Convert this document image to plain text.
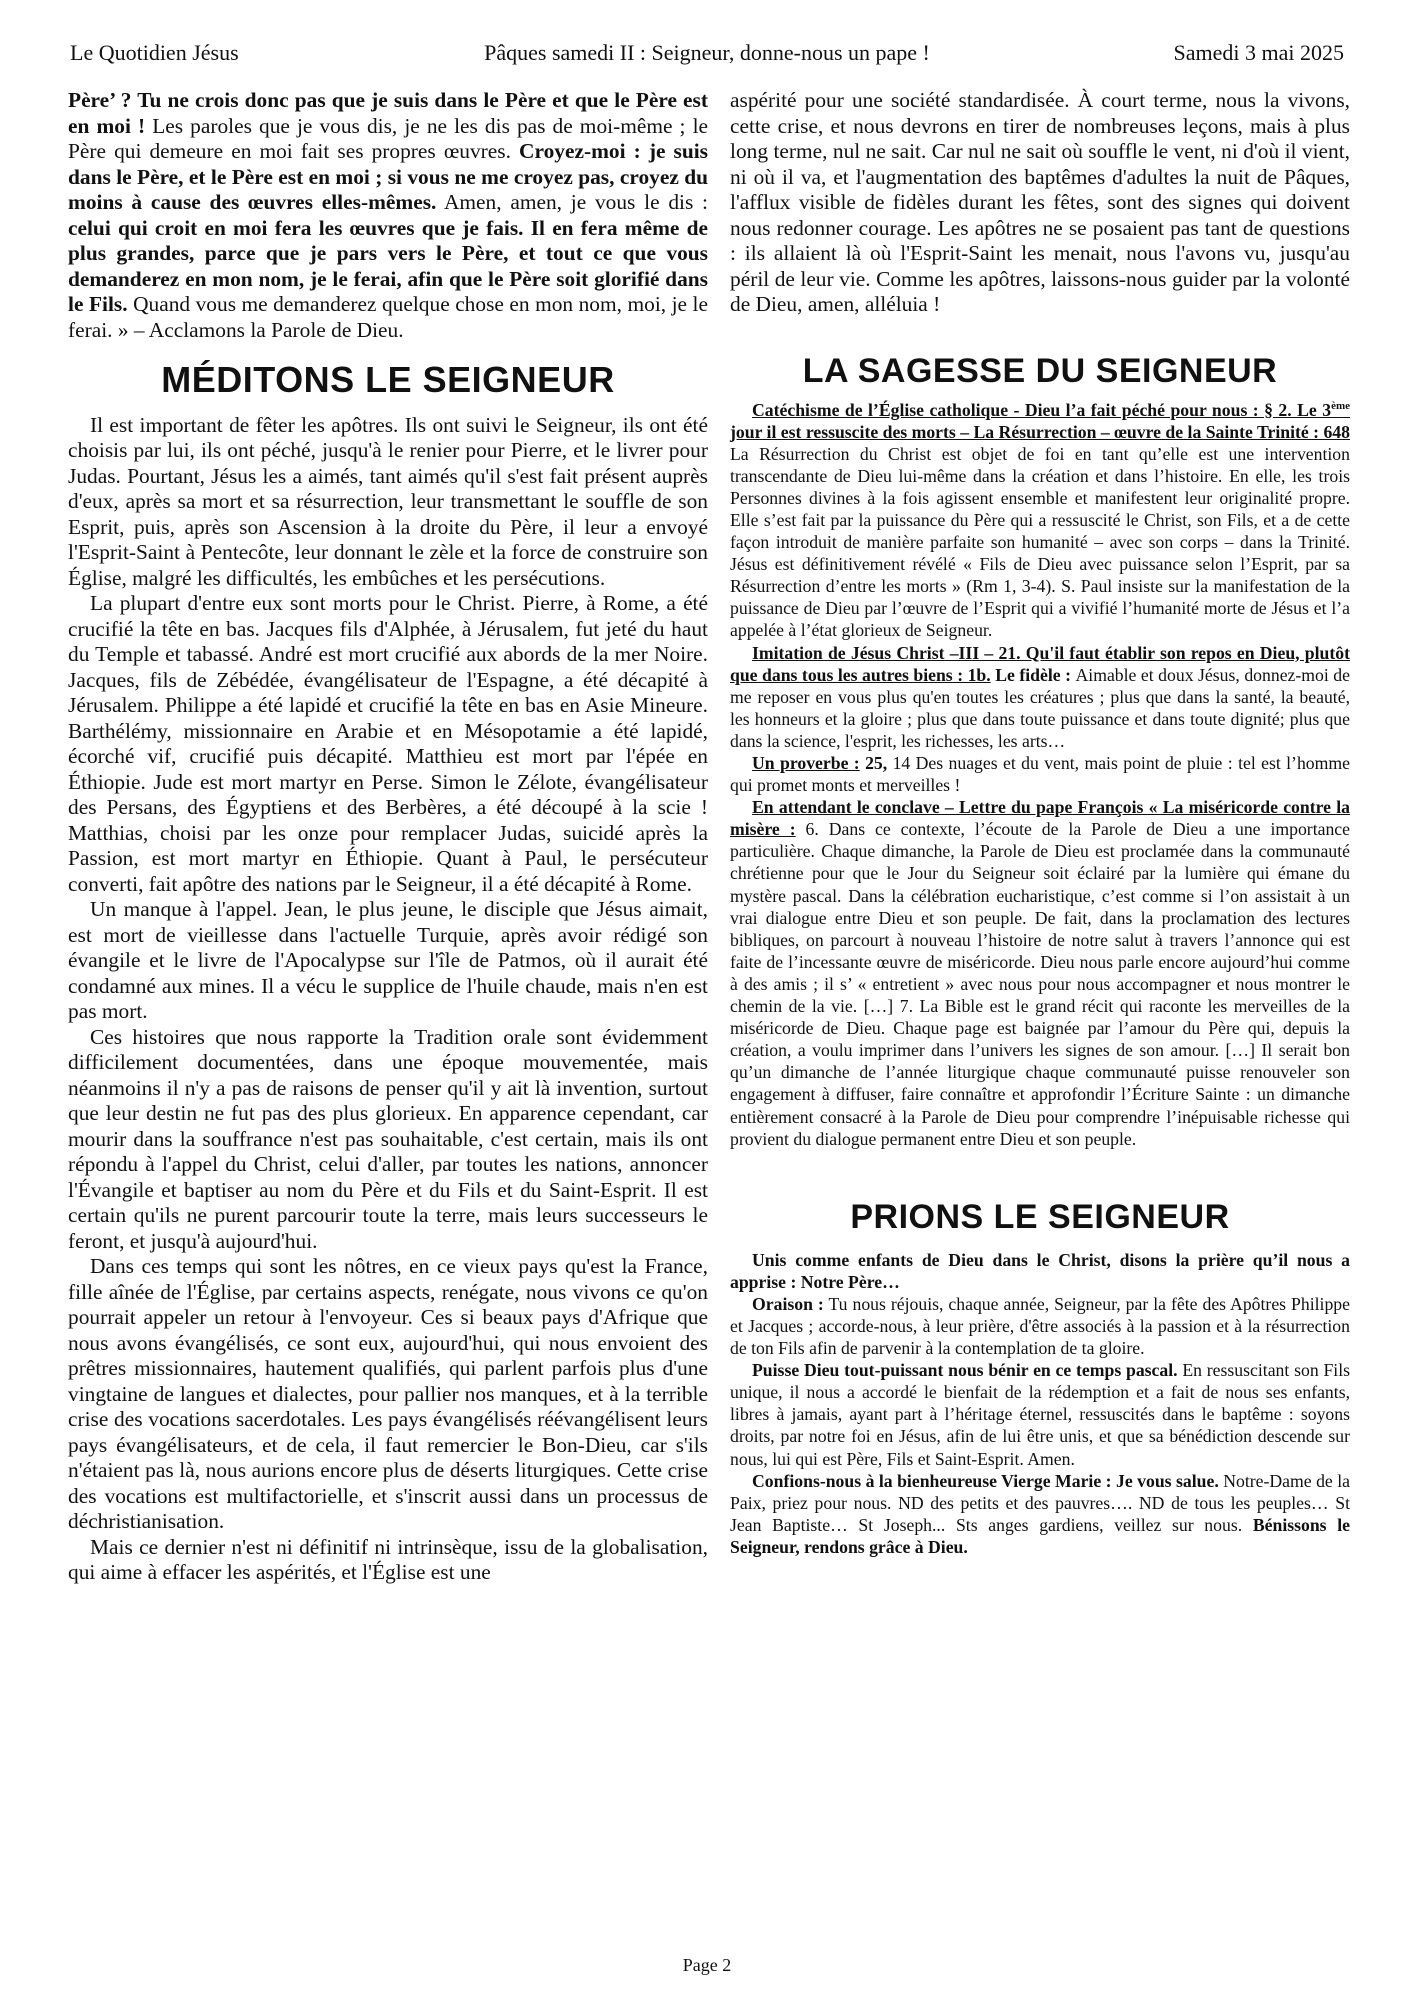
Le Quotidien Jésus	Pâques samedi II : Seigneur, donne-nous un pape !	Samedi 3 mai 2025

Père’ ? Tu ne crois donc pas que je suis dans le Père et que le Père est en moi ! Les paroles que je vous dis, je ne les dis pas de moi-même ; le Père qui demeure en moi fait ses propres œuvres. Croyez-moi : je suis dans le Père, et le Père est en moi ; si vous ne me croyez pas, croyez du moins à cause des œuvres elles-mêmes. Amen, amen, je vous le dis : celui qui croit en moi fera les œuvres que je fais. Il en fera même de plus grandes, parce que je pars vers le Père, et tout ce que vous demanderez en mon nom, je le ferai, afin que le Père soit glorifié dans le Fils. Quand vous me demanderez quelque chose en mon nom, moi, je le ferai. » – Acclamons la Parole de Dieu.

MÉDITONS LE SEIGNEUR

Il est important de fêter les apôtres. Ils ont suivi le Seigneur, ils ont été choisis par lui, ils ont péché, jusqu'à le renier pour Pierre, et le livrer pour Judas. Pourtant, Jésus les a aimés, tant aimés qu'il s'est fait présent auprès d'eux, après sa mort et sa résurrection, leur transmettant le souffle de son Esprit, puis, après son Ascension à la droite du Père, il leur a envoyé l'Esprit-Saint à Pentecôte, leur donnant le zèle et la force de construire son Église, malgré les difficultés, les embûches et les persécutions.

La plupart d'entre eux sont morts pour le Christ. Pierre, à Rome, a été crucifié la tête en bas. Jacques fils d'Alphée, à Jérusalem, fut jeté du haut du Temple et tabassé. André est mort crucifié aux abords de la mer Noire. Jacques, fils de Zébédée, évangélisateur de l'Espagne, a été décapité à Jérusalem. Philippe a été lapidé et crucifié la tête en bas en Asie Mineure. Barthélémy, missionnaire en Arabie et en Mésopotamie a été lapidé, écorché vif, crucifié puis décapité. Matthieu est mort par l'épée en Éthiopie. Jude est mort martyr en Perse. Simon le Zélote, évangélisateur des Persans, des Égyptiens et des Berbères, a été découpé à la scie ! Matthias, choisi par les onze pour remplacer Judas, suicidé après la Passion, est mort martyr en Éthiopie. Quant à Paul, le persécuteur converti, fait apôtre des nations par le Seigneur, il a été décapité à Rome.

Un manque à l'appel. Jean, le plus jeune, le disciple que Jésus aimait, est mort de vieillesse dans l'actuelle Turquie, après avoir rédigé son évangile et le livre de l'Apocalypse sur l'île de Patmos, où il aurait été condamné aux mines. Il a vécu le supplice de l'huile chaude, mais n'en est pas mort.

Ces histoires que nous rapporte la Tradition orale sont évidemment difficilement documentées, dans une époque mouvementée, mais néanmoins il n'y a pas de raisons de penser qu'il y ait là invention, surtout que leur destin ne fut pas des plus glorieux. En apparence cependant, car mourir dans la souffrance n'est pas souhaitable, c'est certain, mais ils ont répondu à l'appel du Christ, celui d'aller, par toutes les nations, annoncer l'Évangile et baptiser au nom du Père et du Fils et du Saint-Esprit. Il est certain qu'ils ne purent parcourir toute la terre, mais leurs successeurs le feront, et jusqu'à aujourd'hui.

Dans ces temps qui sont les nôtres, en ce vieux pays qu'est la France, fille aînée de l'Église, par certains aspects, renégate, nous vivons ce qu'on pourrait appeler un retour à l'envoyeur. Ces si beaux pays d'Afrique que nous avons évangélisés, ce sont eux, aujourd'hui, qui nous envoient des prêtres missionnaires, hautement qualifiés, qui parlent parfois plus d'une vingtaine de langues et dialectes, pour pallier nos manques, et à la terrible crise des vocations sacerdotales. Les pays évangélisés réévangélisent leurs pays évangélisateurs, et de cela, il faut remercier le Bon-Dieu, car s'ils n'étaient pas là, nous aurions encore plus de déserts liturgiques. Cette crise des vocations est multifactorielle, et s'inscrit aussi dans un processus de déchristianisation.

Mais ce dernier n'est ni définitif ni intrinsèque, issu de la globalisation, qui aime à effacer les aspérités, et l'Église est une

aspérité pour une société standardisée. À court terme, nous la vivons, cette crise, et nous devrons en tirer de nombreuses leçons, mais à plus long terme, nul ne sait. Car nul ne sait où souffle le vent, ni d'où il vient, ni où il va, et l'augmentation des baptêmes d'adultes la nuit de Pâques, l'afflux visible de fidèles durant les fêtes, sont des signes qui doivent nous redonner courage. Les apôtres ne se posaient pas tant de questions : ils allaient là où l'Esprit-Saint les menait, nous l'avons vu, jusqu'au péril de leur vie. Comme les apôtres, laissons-nous guider par la volonté de Dieu, amen, alléluia !

LA SAGESSE DU SEIGNEUR

Catéchisme de l’Église catholique - Dieu l’a fait péché pour nous : § 2. Le 3ème jour il est ressuscite des morts – La Résurrection – œuvre de la Sainte Trinité : 648 La Résurrection du Christ est objet de foi en tant qu’elle est une intervention transcendante de Dieu lui-même dans la création et dans l’histoire. En elle, les trois Personnes divines à la fois agissent ensemble et manifestent leur originalité propre. Elle s’est fait par la puissance du Père qui a ressuscité le Christ, son Fils, et a de cette façon introduit de manière parfaite son humanité – avec son corps – dans la Trinité. Jésus est définitivement révélé « Fils de Dieu avec puissance selon l’Esprit, par sa Résurrection d’entre les morts » (Rm 1, 3-4). S. Paul insiste sur la manifestation de la puissance de Dieu par l’œuvre de l’Esprit qui a vivifié l’humanité morte de Jésus et l’a appelée à l’état glorieux de Seigneur.

Imitation de Jésus Christ –III – 21. Qu'il faut établir son repos en Dieu, plutôt que dans tous les autres biens : 1b. Le fidèle : Aimable et doux Jésus, donnez-moi de me reposer en vous plus qu'en toutes les créatures ; plus que dans la santé, la beauté, les honneurs et la gloire ; plus que dans toute puissance et dans toute dignité; plus que dans la science, l'esprit, les richesses, les arts…

Un proverbe : 25, 14 Des nuages et du vent, mais point de pluie : tel est l’homme qui promet monts et merveilles !

En attendant le conclave – Lettre du pape François « La miséricorde contre la misère : 6. Dans ce contexte, l’écoute de la Parole de Dieu a une importance particulière. Chaque dimanche, la Parole de Dieu est proclamée dans la communauté chrétienne pour que le Jour du Seigneur soit éclairé par la lumière qui émane du mystère pascal. Dans la célébration eucharistique, c’est comme si l’on assistait à un vrai dialogue entre Dieu et son peuple. De fait, dans la proclamation des lectures bibliques, on parcourt à nouveau l’histoire de notre salut à travers l’annonce qui est faite de l’incessante œuvre de miséricorde. Dieu nous parle encore aujourd’hui comme à des amis ; il s’ « entretient » avec nous pour nous accompagner et nous montrer le chemin de la vie. […] 7. La Bible est le grand récit qui raconte les merveilles de la miséricorde de Dieu. Chaque page est baignée par l’amour du Père qui, depuis la création, a voulu imprimer dans l’univers les signes de son amour. […] Il serait bon qu’un dimanche de l’année liturgique chaque communauté puisse renouveler son engagement à diffuser, faire connaître et approfondir l’Écriture Sainte : un dimanche entièrement consacré à la Parole de Dieu pour comprendre l’inépuisable richesse qui provient du dialogue permanent entre Dieu et son peuple.

PRIONS LE SEIGNEUR

Unis comme enfants de Dieu dans le Christ, disons la prière qu’il nous a apprise : Notre Père…

Oraison : Tu nous réjouis, chaque année, Seigneur, par la fête des Apôtres Philippe et Jacques ; accorde-nous, à leur prière, d'être associés à la passion et à la résurrection de ton Fils afin de parvenir à la contemplation de ta gloire.

Puisse Dieu tout-puissant nous bénir en ce temps pascal. En ressuscitant son Fils unique, il nous a accordé le bienfait de la rédemption et a fait de nous ses enfants, libres à jamais, ayant part à l’héritage éternel, ressuscités dans le baptême : soyons droits, par notre foi en Jésus, afin de lui être unis, et que sa bénédiction descende sur nous, lui qui est Père, Fils et Saint-Esprit. Amen.

Confions-nous à la bienheureuse Vierge Marie : Je vous salue. Notre-Dame de la Paix, priez pour nous. ND des petits et des pauvres…. ND de tous les peuples… St Jean Baptiste… St Joseph... Sts anges gardiens, veillez sur nous. Bénissons le Seigneur, rendons grâce à Dieu.

Page 2
